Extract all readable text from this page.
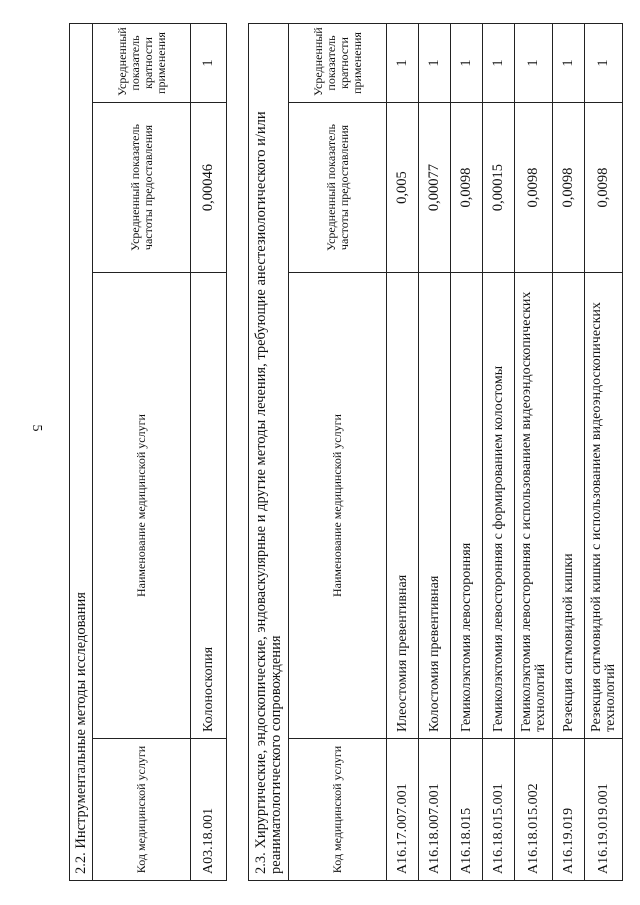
5
2.2. Инструментальные методы исследования			
Код медицинской услуги	Наименование медицинской услуги	Усредненный показатель частоты предоставления	Усредненный показатель кратности применения
A03.18.001	Колоноскопия	0,00046	1
2.3. Хирургические, эндоскопические, эндоваскулярные и другие методы лечения, требующие анестезиологического и/или реаниматологического сопровождения			
Код медицинской услуги	Наименование медицинской услуги	Усредненный показатель частоты предоставления	Усредненный показатель кратности применения
A16.17.007.001	Илеостомия превентивная	0,005	1
A16.18.007.001	Колостомия превентивная	0,00077	1
A16.18.015	Гемиколэктомия левосторонняя	0,0098	1
A16.18.015.001	Гемиколэктомия левосторонняя с формированием колостомы	0,00015	1
A16.18.015.002	Гемиколэктомия левосторонняя с использованием видеоэндоскопических технологий	0,0098	1
A16.19.019	Резекция сигмовидной кишки	0,0098	1
A16.19.019.001	Резекция сигмовидной кишки с использованием видеоэндоскопических технологий	0,0098	1
